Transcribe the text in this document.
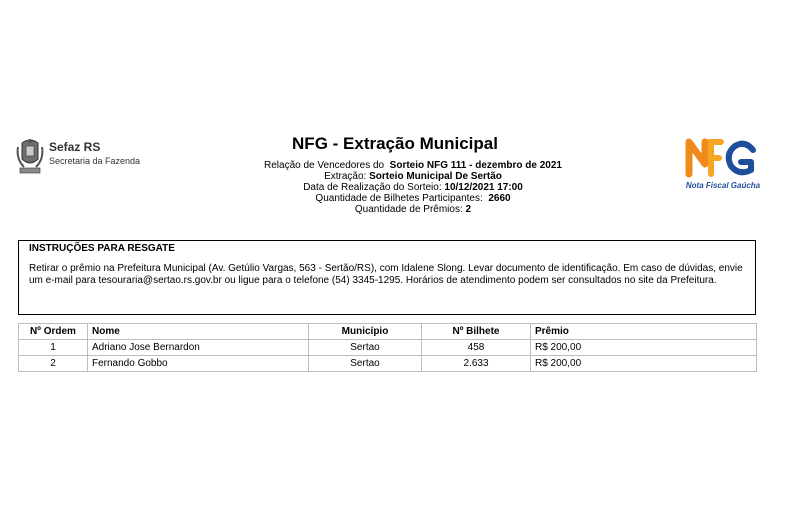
Sefaz RS
Secretaria da Fazenda
NFG - Extração Municipal
Relação de Vencedores do Sorteio NFG 111 - dezembro de 2021
Extração: Sorteio Municipal De Sertão
Data de Realização do Sorteio: 10/12/2021 17:00
Quantidade de Bilhetes Participantes: 2660
Quantidade de Prêmios: 2
Nota Fiscal Gaúcha
INSTRUÇÕES PARA RESGATE
Retirar o prêmio na Prefeitura Municipal (Av. Getúlio Vargas, 563 - Sertão/RS), com Idalene Slong. Levar documento de identificação. Em caso de dúvidas, envie um e-mail para tesouraria@sertao.rs.gov.br ou ligue para o telefone (54) 3345-1295. Horários de atendimento podem ser consultados no site da Prefeitura.
Nº Ordem	Nome	Município	Nº Bilhete	Prêmio
1	Adriano Jose Bernardon	Sertao	458	R$ 200,00
2	Fernando Gobbo	Sertao	2.633	R$ 200,00
